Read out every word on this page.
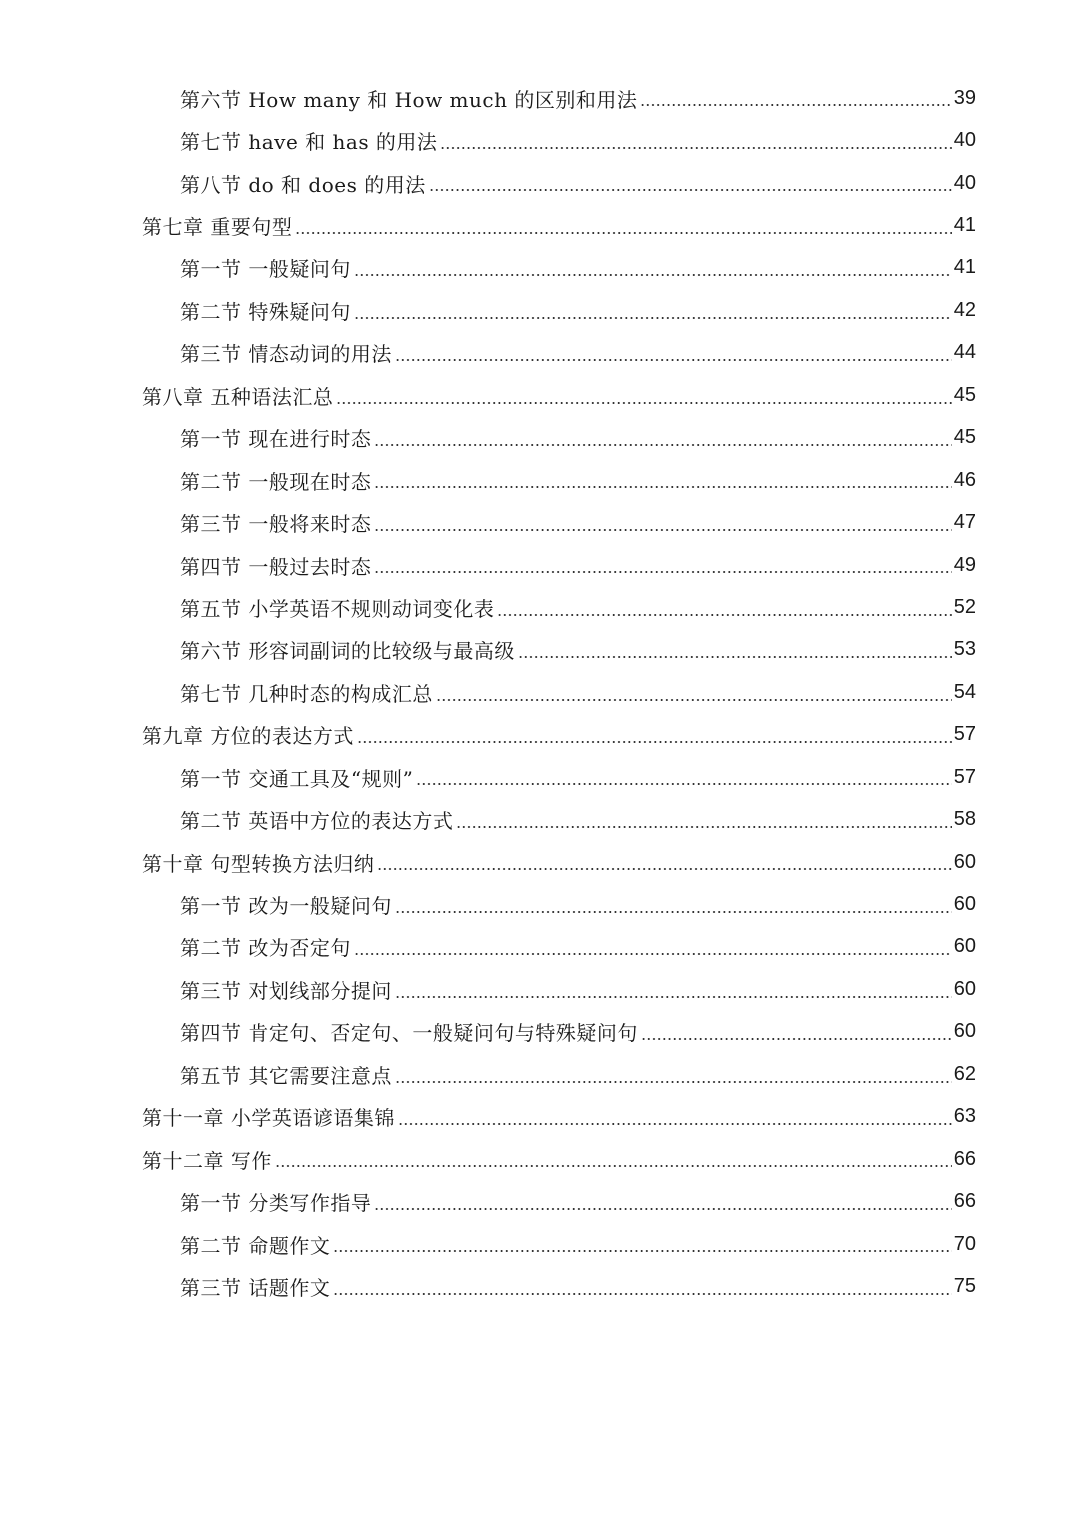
第六节 How many 和 How much 的区别和用法	39
第七节 have 和 has 的用法	40
第八节 do 和 does 的用法	40
第七章 重要句型	41
第一节 一般疑问句	41
第二节 特殊疑问句	42
第三节 情态动词的用法	44
第八章 五种语法汇总	45
第一节 现在进行时态	45
第二节 一般现在时态	46
第三节 一般将来时态	47
第四节 一般过去时态	49
第五节 小学英语不规则动词变化表	52
第六节 形容词副词的比较级与最高级	53
第七节 几种时态的构成汇总	54
第九章 方位的表达方式	57
第一节 交通工具及“规则”	57
第二节 英语中方位的表达方式	58
第十章 句型转换方法归纳	60
第一节 改为一般疑问句	60
第二节 改为否定句	60
第三节 对划线部分提问	60
第四节 肯定句、否定句、一般疑问句与特殊疑问句	60
第五节 其它需要注意点	62
第十一章 小学英语谚语集锦	63
第十二章 写作	66
第一节 分类写作指导	66
第二节 命题作文	70
第三节 话题作文	75
